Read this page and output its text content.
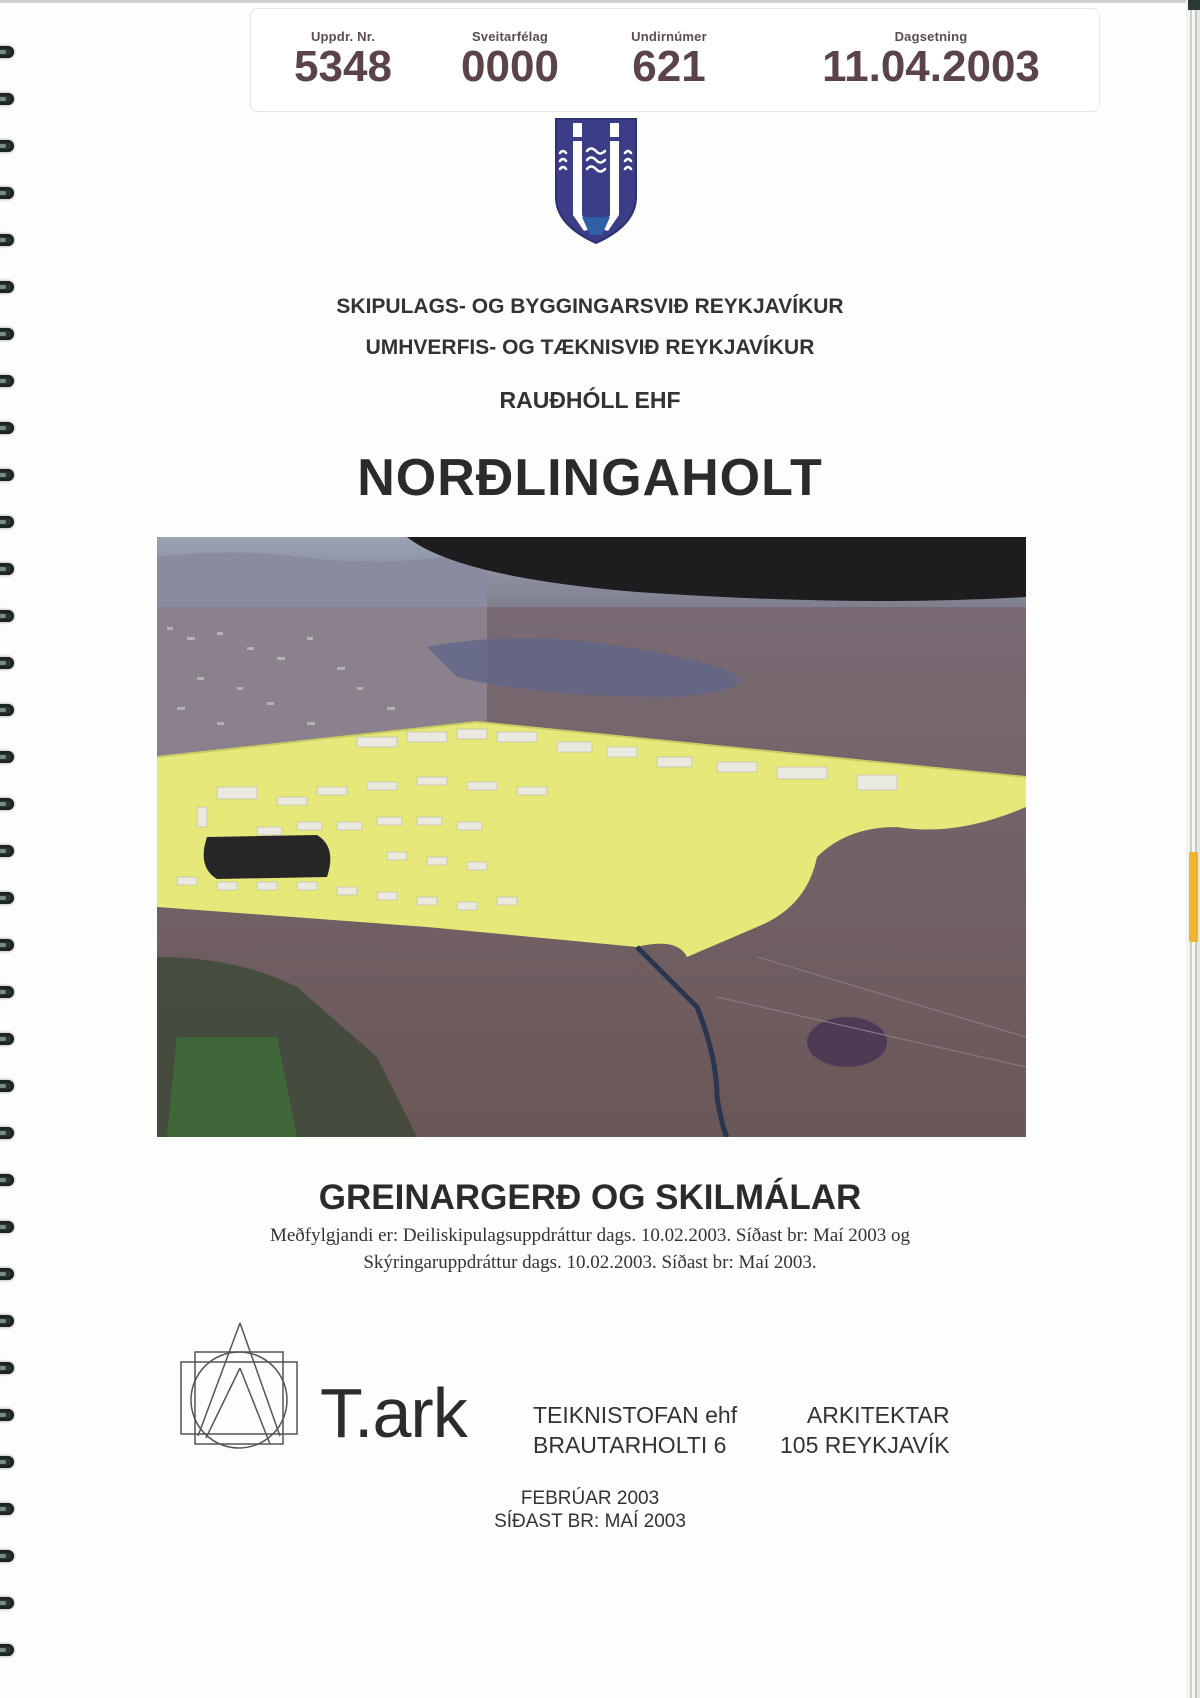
Uppdr. Nr.
5348
Sveitarfélag
0000
Undirnúmer
621
Dagsetning
11.04.2003
SKIPULAGS- OG BYGGINGARSVIÐ REYKJAVÍKUR
UMHVERFIS- OG TÆKNISVIÐ REYKJAVÍKUR
RAUÐHÓLL EHF
NORÐLINGAHOLT
GREINARGERÐ OG SKILMÁLAR
Meðfylgjandi er: Deiliskipulagsuppdráttur dags. 10.02.2003. Síðast br: Maí 2003 og
Skýringaruppdráttur dags. 10.02.2003. Síðast br: Maí 2003.
T.ark	TEIKNISTOFAN ehf
BRAUTARHOLTI 6
ARKITEKTAR
105 REYKJAVÍK
FEBRÚAR 2003
SÍÐAST BR: MAÍ 2003
